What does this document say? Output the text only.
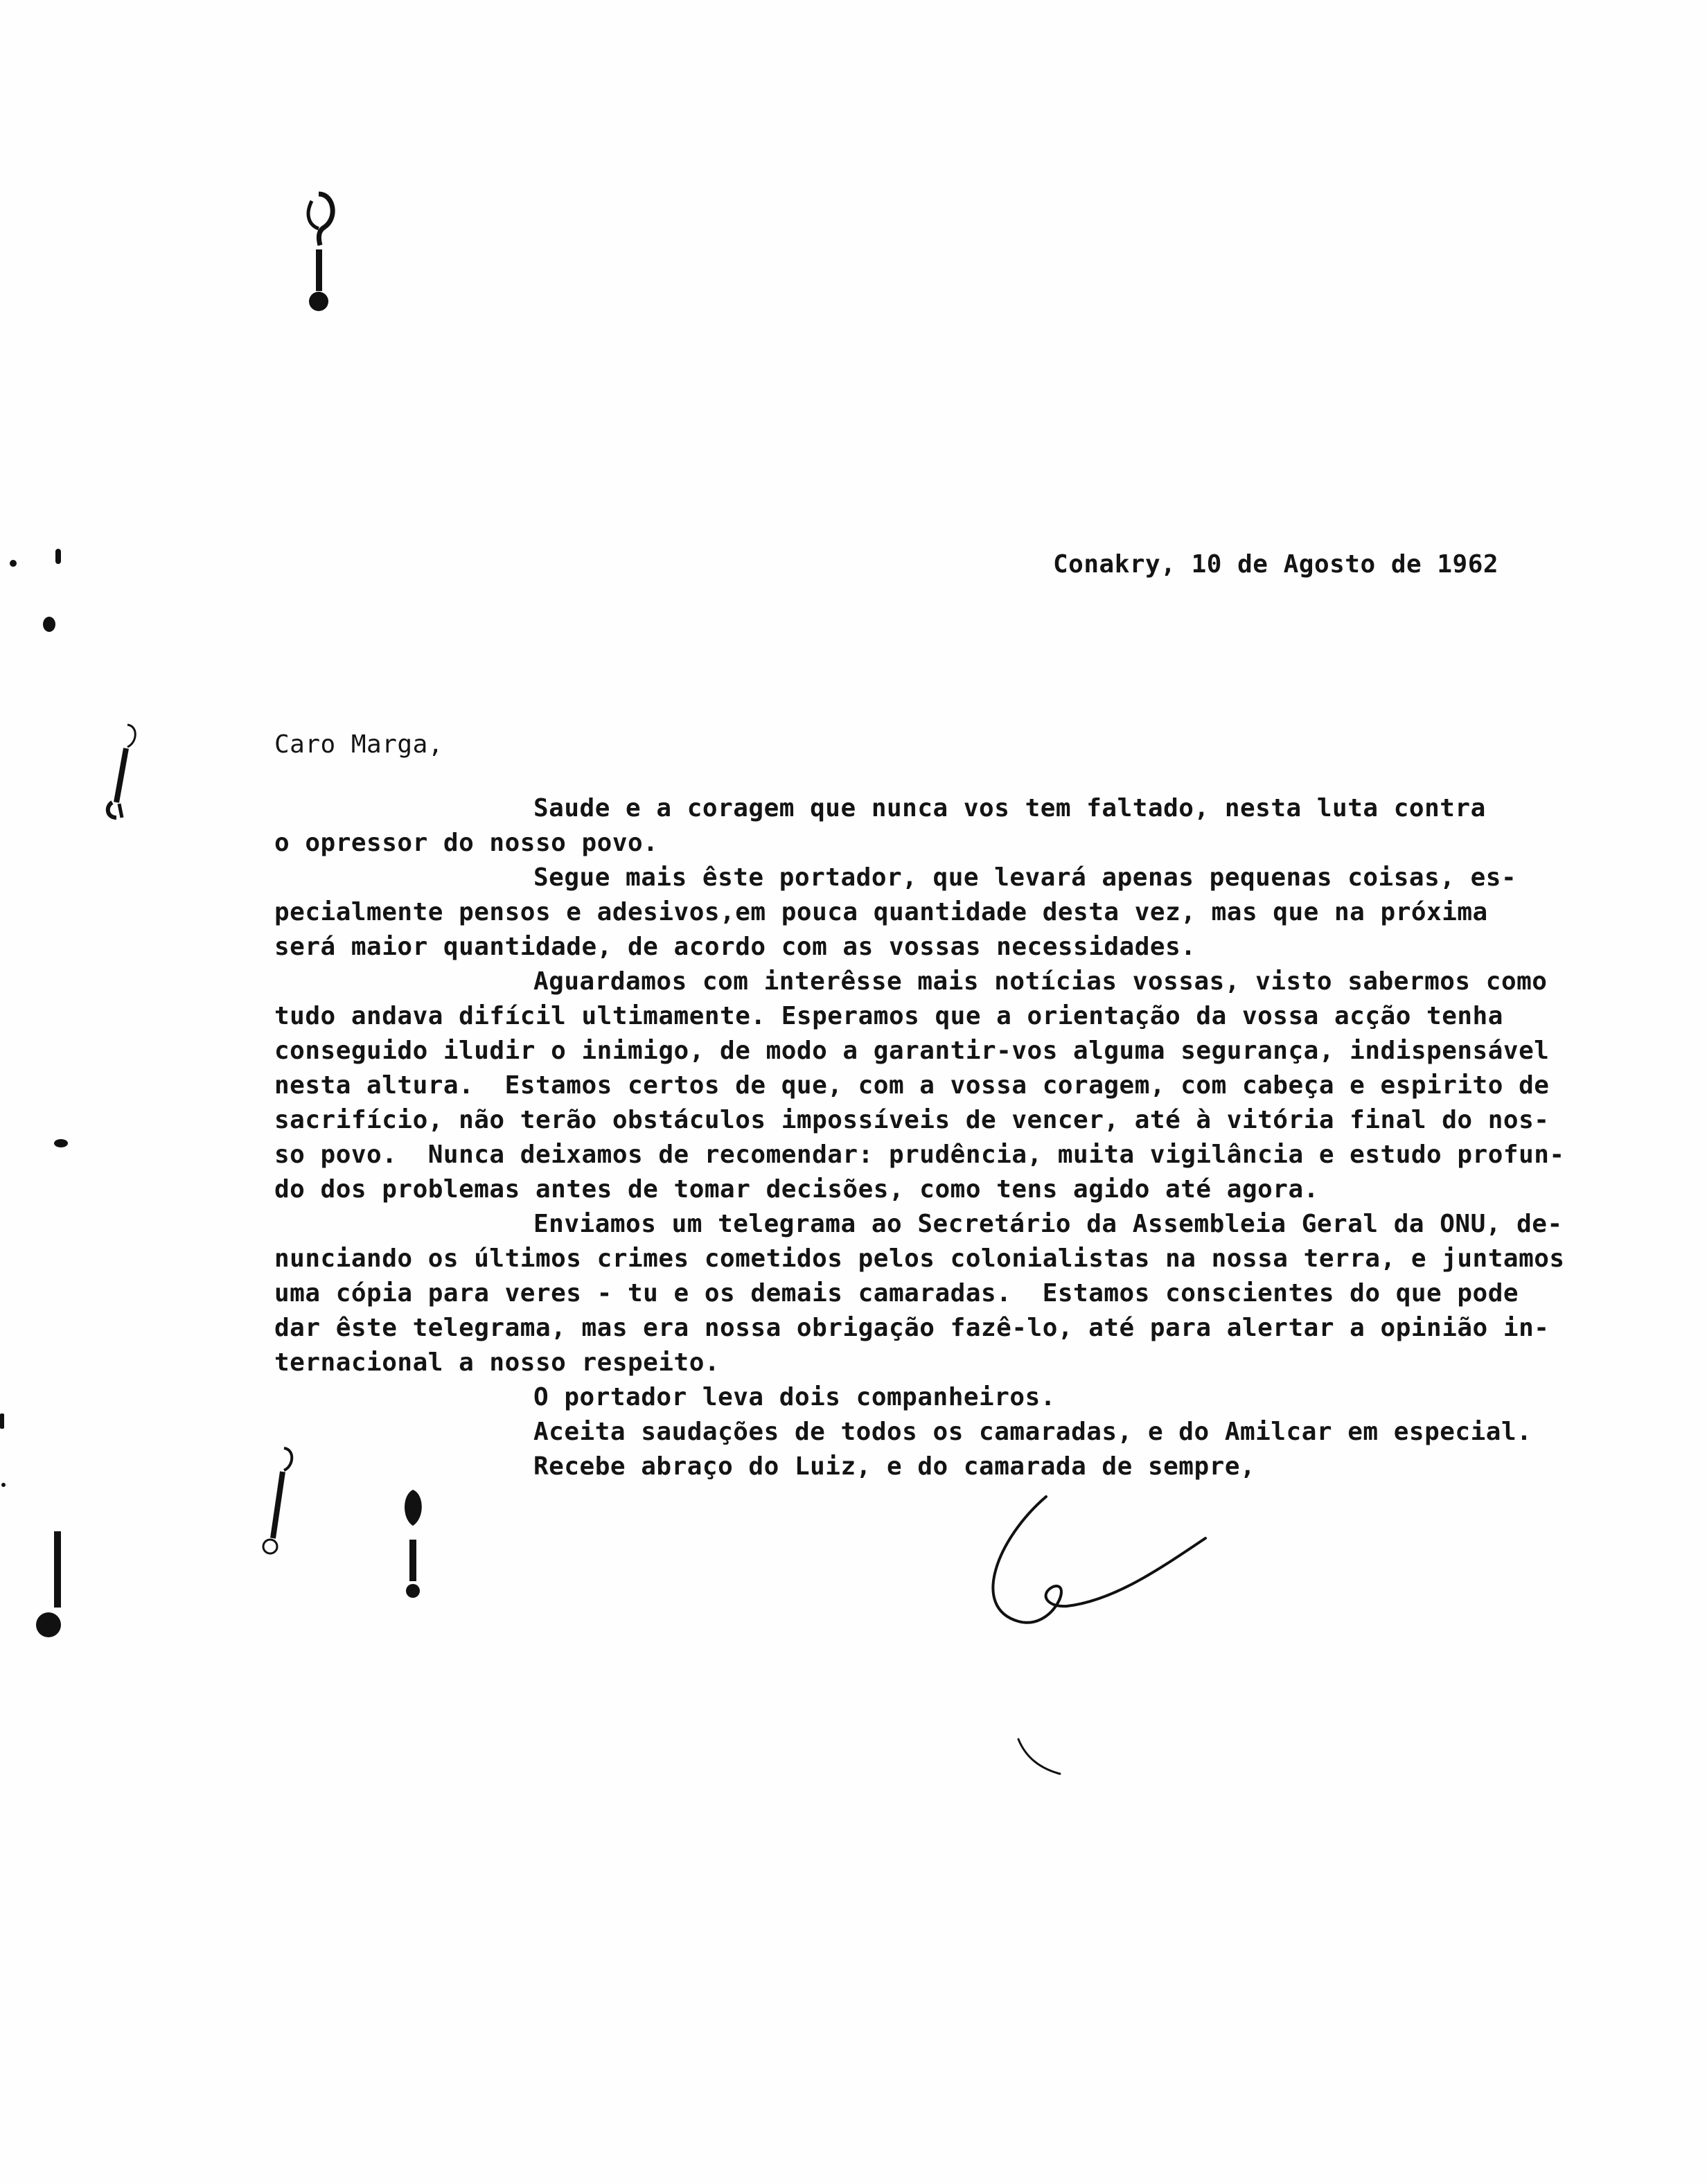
Conakry, 10 de Agosto de 1962
Caro Marga,
Saude e a coragem que nunca vos tem faltado, nesta luta contra
o opressor do nosso povo.
Segue mais êste portador, que levará apenas pequenas coisas, es-
pecialmente pensos e adesivos,em pouca quantidade desta vez, mas que na próxima
será maior quantidade, de acordo com as vossas necessidades.
Aguardamos com interêsse mais notícias vossas, visto sabermos como
tudo andava difícil ultimamente. Esperamos que a orientação da vossa acção tenha
conseguido iludir o inimigo, de modo a garantir-vos alguma segurança, indispensável
nesta altura.  Estamos certos de que, com a vossa coragem, com cabeça e espirito de
sacrifício, não terão obstáculos impossíveis de vencer, até à vitória final do nos-
so povo.  Nunca deixamos de recomendar: prudência, muita vigilância e estudo profun-
do dos problemas antes de tomar decisões, como tens agido até agora.
Enviamos um telegrama ao Secretário da Assembleia Geral da ONU, de-
nunciando os últimos crimes cometidos pelos colonialistas na nossa terra, e juntamos
uma cópia para veres - tu e os demais camaradas.  Estamos conscientes do que pode
dar êste telegrama, mas era nossa obrigação fazê-lo, até para alertar a opinião in-
ternacional a nosso respeito.
O portador leva dois companheiros.
Aceita saudações de todos os camaradas, e do Amilcar em especial.
Recebe abraço do Luiz, e do camarada de sempre,
